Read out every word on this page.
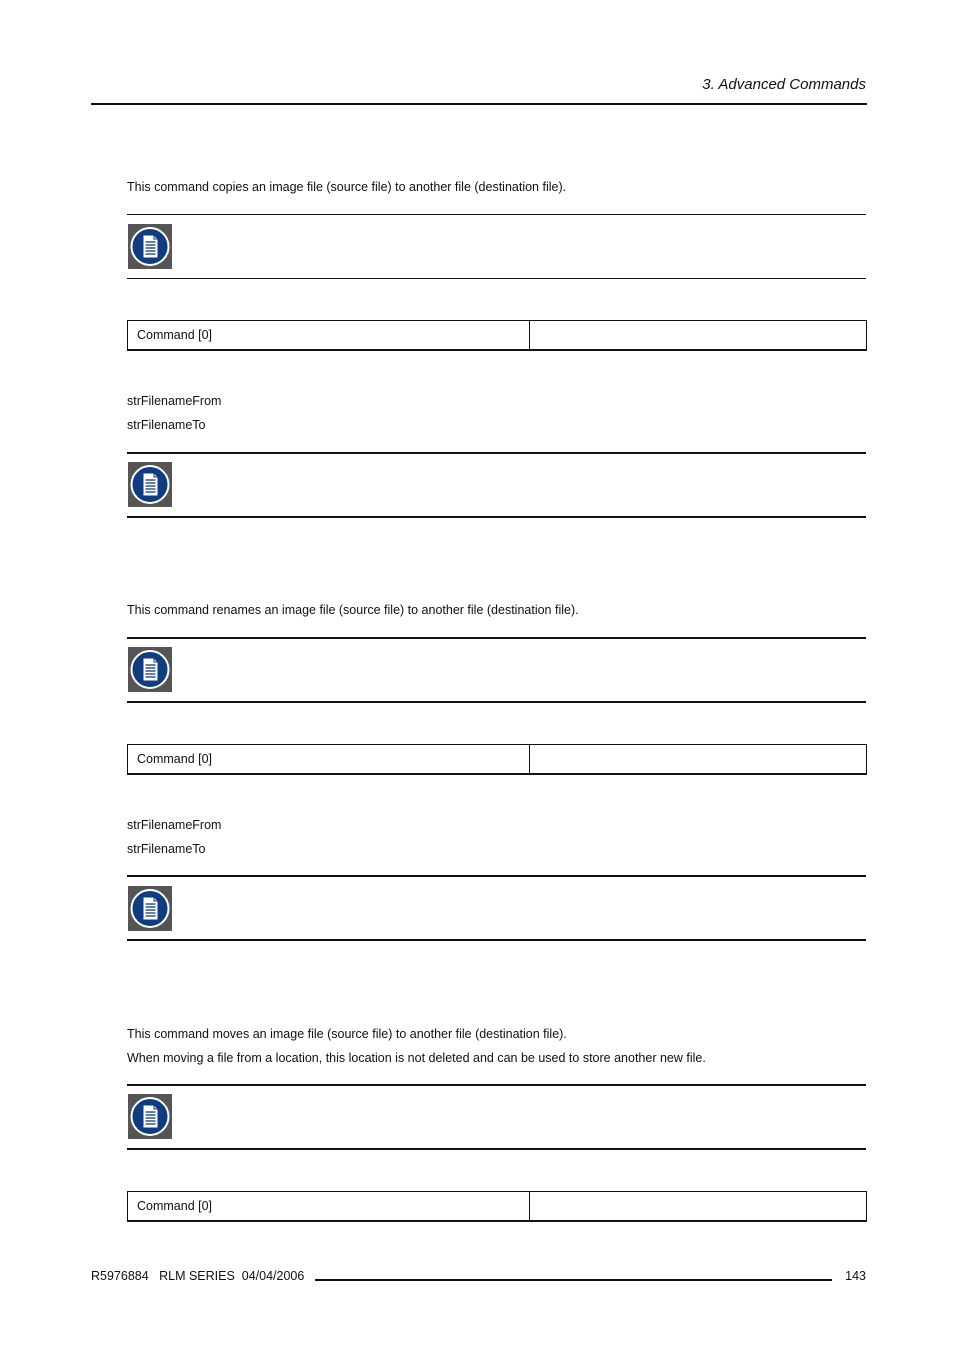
3. Advanced Commands
This command copies an image file (source file) to another file (destination file).
Command [0]
strFilenameFrom
strFilenameTo
This command renames an image file (source file) to another file (destination file).
Command [0]
strFilenameFrom
strFilenameTo
This command moves an image file (source file) to another file (destination file).
When moving a file from a location, this location is not deleted and can be used to store another new file.
Command [0]
R5976884   RLM SERIES  04/04/2006	143
